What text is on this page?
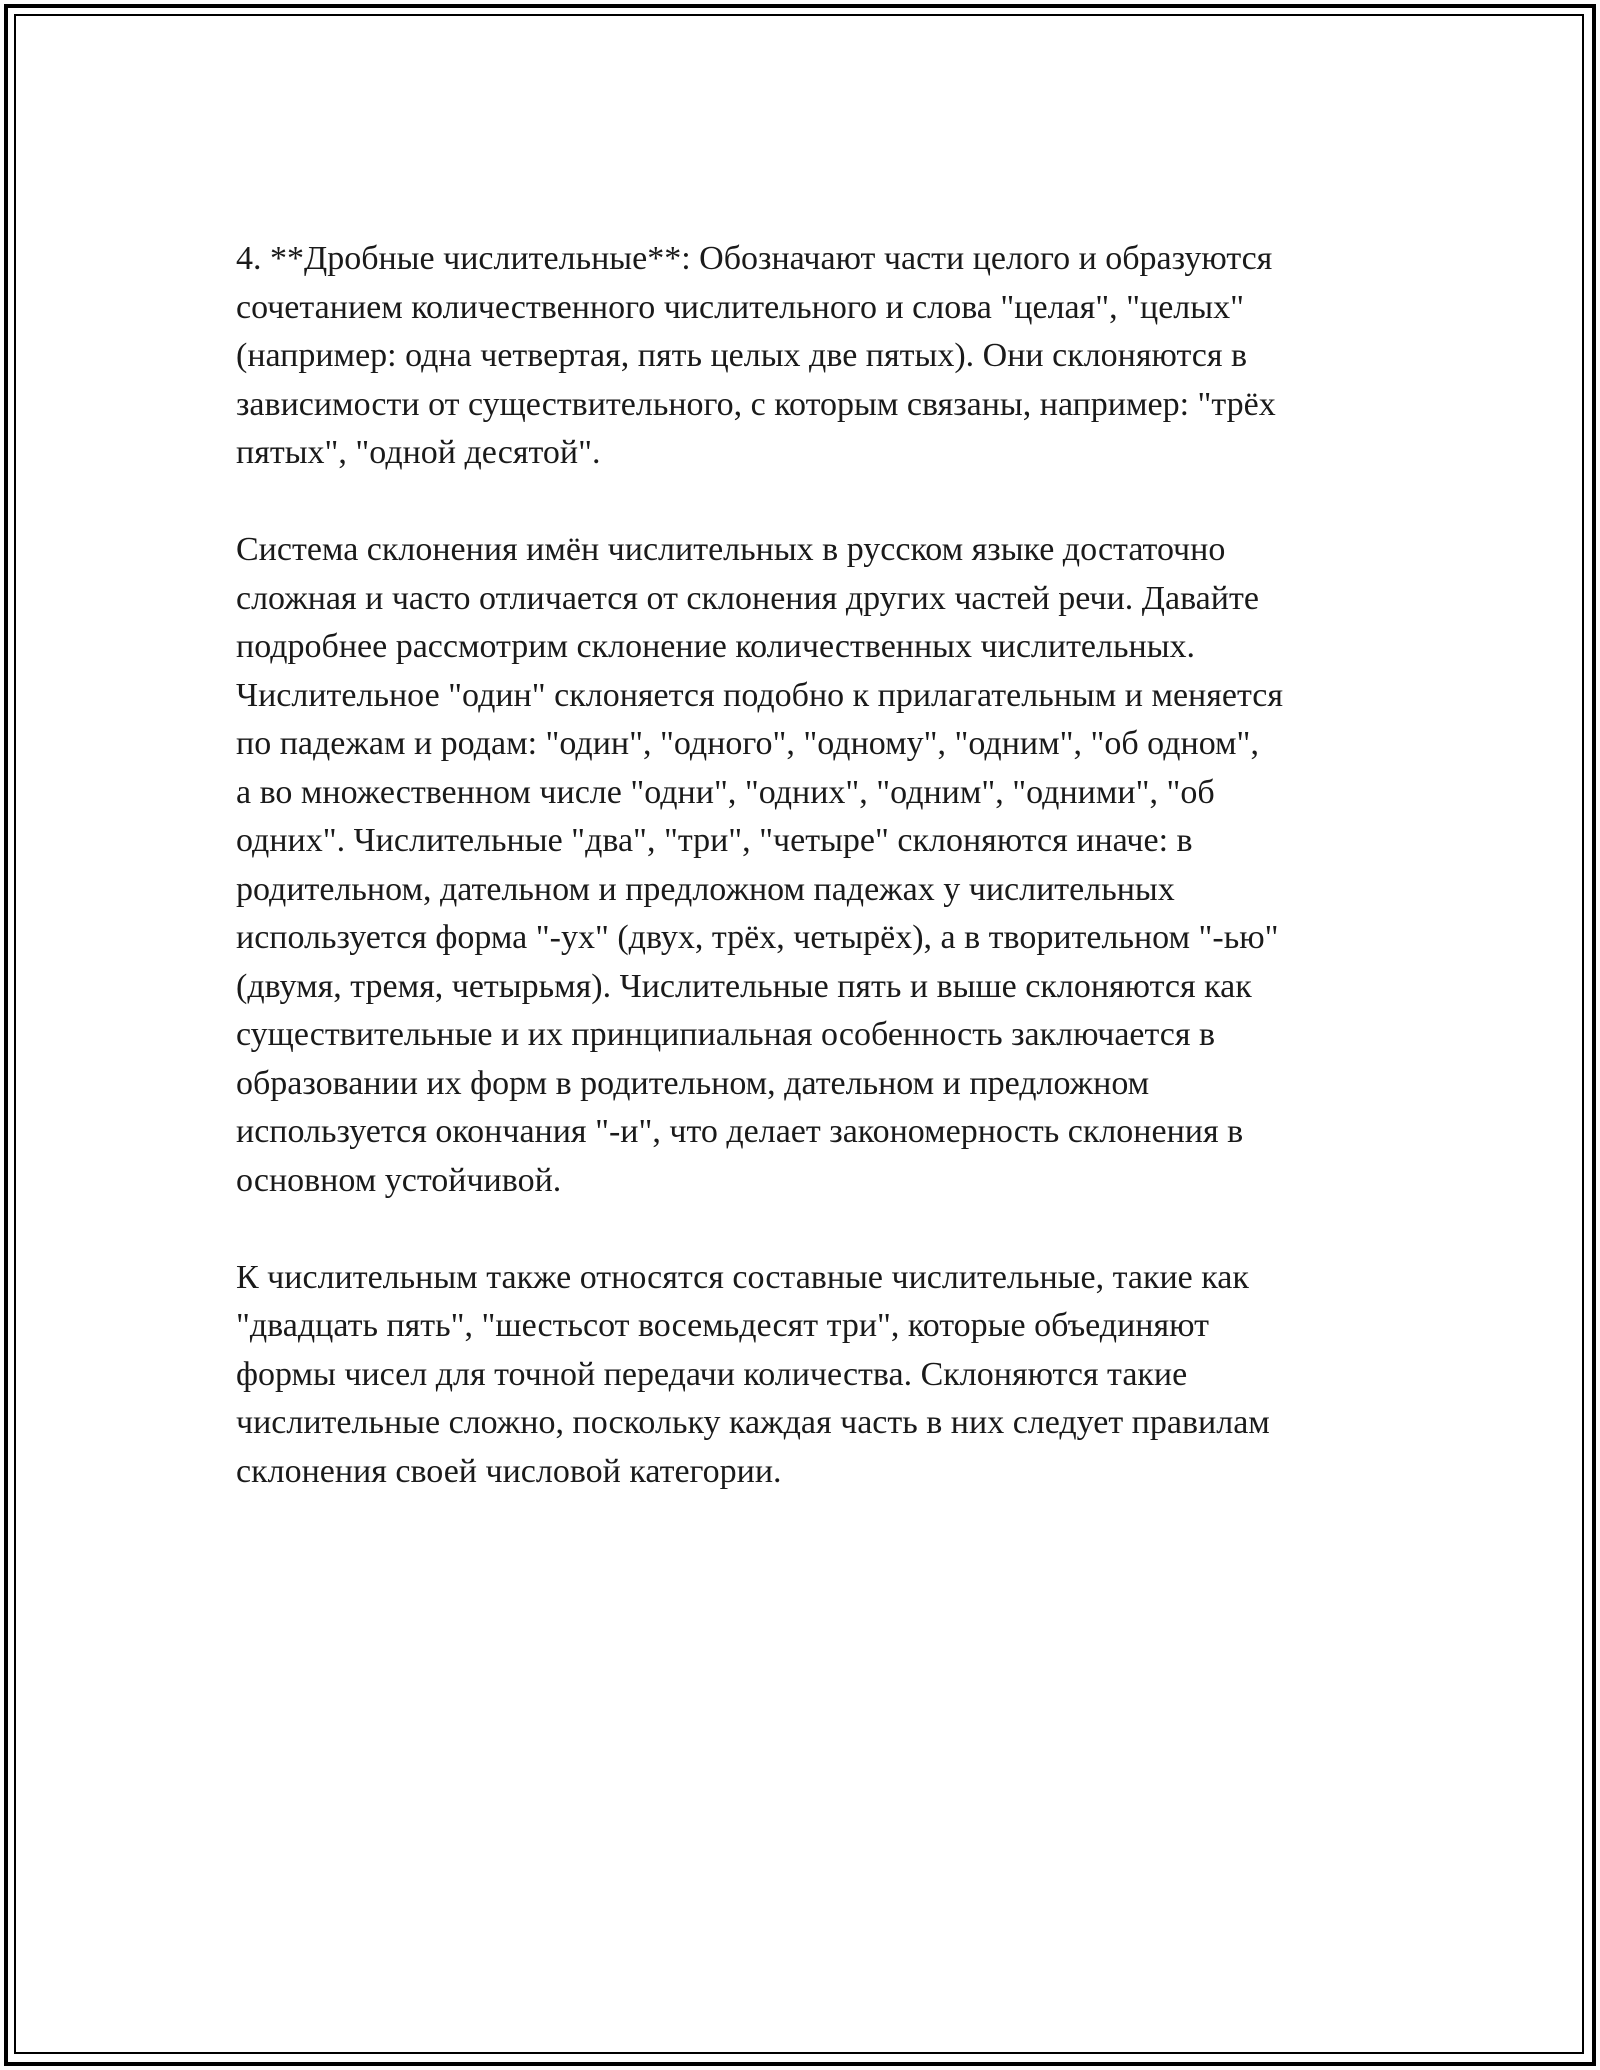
4. **Дробные числительные**: Обозначают части целого и образуются
сочетанием количественного числительного и слова "целая", "целых"
(например: одна четвертая, пять целых две пятых). Они склоняются в
зависимости от существительного, с которым связаны, например: "трёх
пятых", "одной десятой".

Система склонения имён числительных в русском языке достаточно
сложная и часто отличается от склонения других частей речи. Давайте
подробнее рассмотрим склонение количественных числительных.
Числительное "один" склоняется подобно к прилагательным и меняется
по падежам и родам: "один", "одного", "одному", "одним", "об одном",
а во множественном числе "одни", "одних", "одним", "одними", "об
одних". Числительные "два", "три", "четыре" склоняются иначе: в
родительном, дательном и предложном падежах у числительных
используется форма "-ух" (двух, трёх, четырёх), а в творительном "-ью"
(двумя, тремя, четырьмя). Числительные пять и выше склоняются как
существительные и их принципиальная особенность заключается в
образовании их форм в родительном, дательном и предложном
используется окончания "-и", что делает закономерность склонения в
основном устойчивой.

К числительным также относятся составные числительные, такие как
"двадцать пять", "шестьсот восемьдесят три", которые объединяют
формы чисел для точной передачи количества. Склоняются такие
числительные сложно, поскольку каждая часть в них следует правилам
склонения своей числовой категории.
